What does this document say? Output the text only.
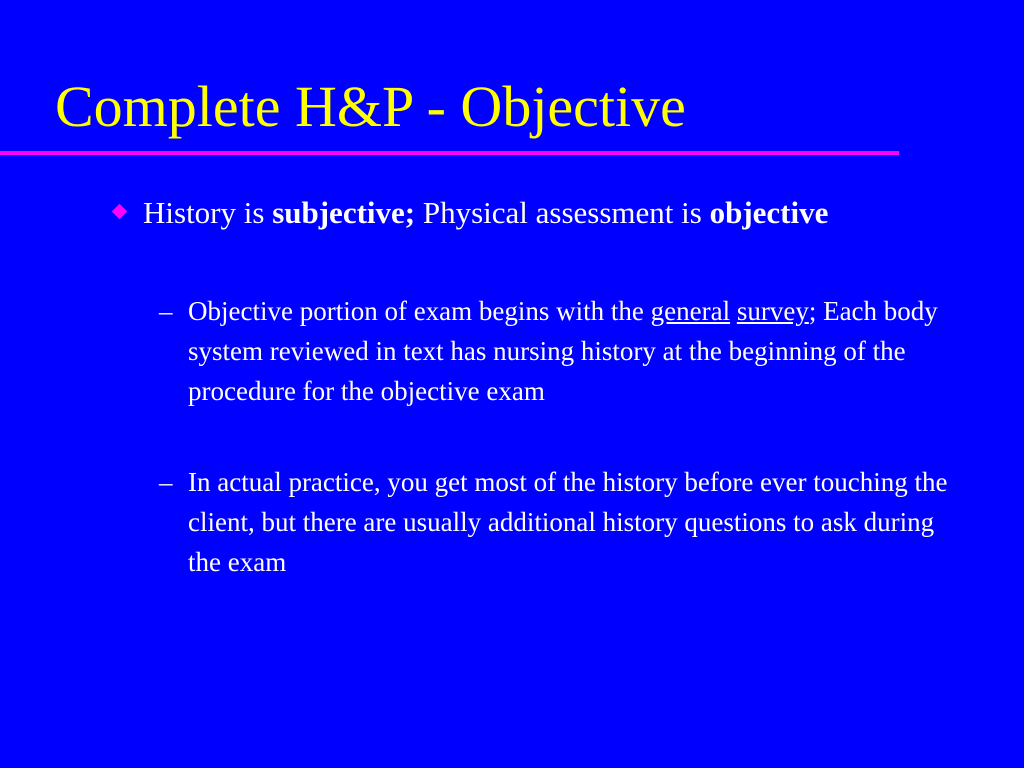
Complete H&P - Objective
History is subjective; Physical assessment is objective
– Objective portion of exam begins with the general survey; Each body system reviewed in text has nursing history at the beginning of the procedure for the objective exam
– In actual practice, you get most of the history before ever touching the client, but there are usually additional history questions to ask during the exam
